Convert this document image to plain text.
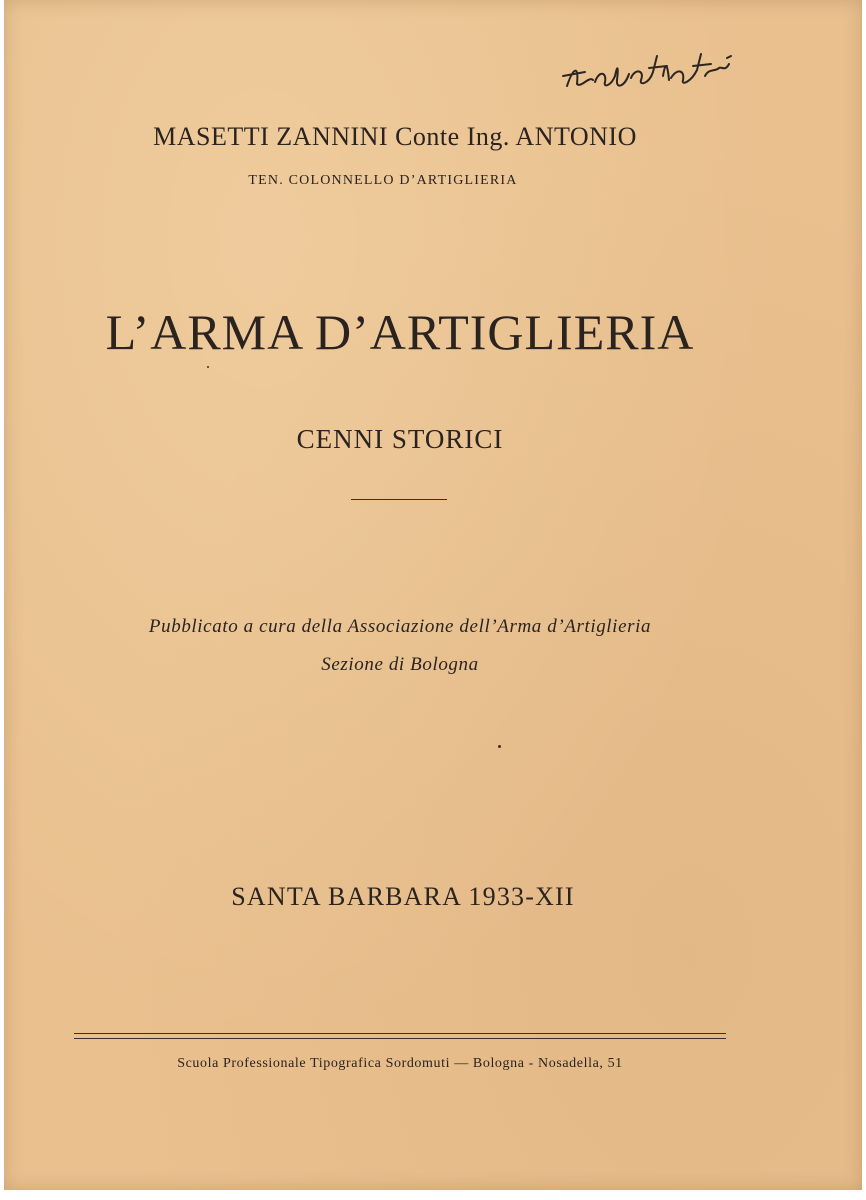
MASETTI ZANNINI Conte Ing. ANTONIO
TEN. COLONNELLO D’ARTIGLIERIA
L’ARMA D’ARTIGLIERIA
CENNI STORICI
Pubblicato a cura della Associazione dell’Arma d’Artiglieria
Sezione di Bologna
SANTA BARBARA 1933-XII
Scuola Professionale Tipografica Sordomuti — Bologna - Nosadella, 51
